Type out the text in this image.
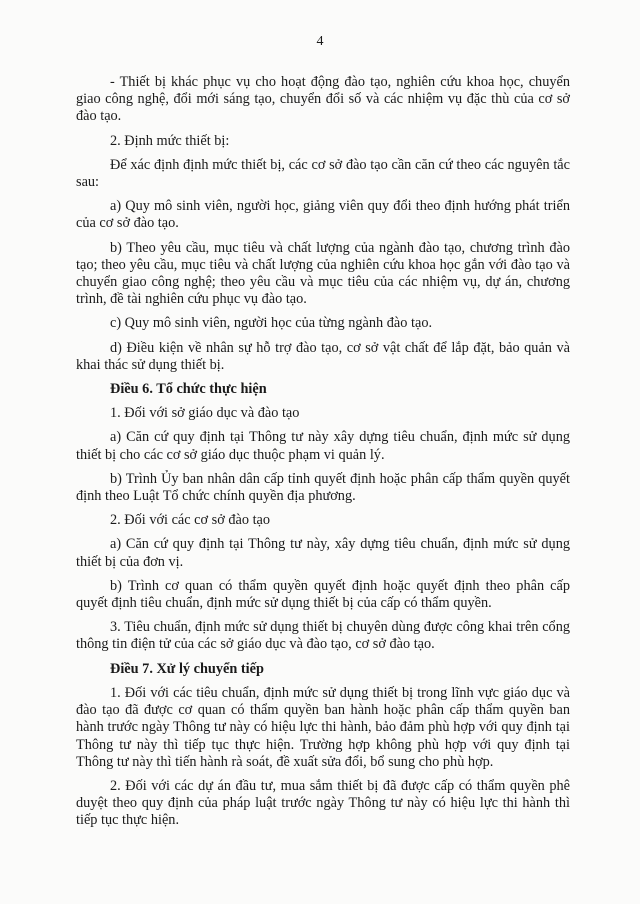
4

- Thiết bị khác phục vụ cho hoạt động đào tạo, nghiên cứu khoa học, chuyển giao công nghệ, đổi mới sáng tạo, chuyển đổi số và các nhiệm vụ đặc thù của cơ sở đào tạo.

2. Định mức thiết bị:

Để xác định định mức thiết bị, các cơ sở đào tạo cần căn cứ theo các nguyên tắc sau:

a) Quy mô sinh viên, người học, giảng viên quy đổi theo định hướng phát triển của cơ sở đào tạo.

b) Theo yêu cầu, mục tiêu và chất lượng của ngành đào tạo, chương trình đào tạo; theo yêu cầu, mục tiêu và chất lượng của nghiên cứu khoa học gắn với đào tạo và chuyển giao công nghệ; theo yêu cầu và mục tiêu của các nhiệm vụ, dự án, chương trình, đề tài nghiên cứu phục vụ đào tạo.

c) Quy mô sinh viên, người học của từng ngành đào tạo.

d) Điều kiện về nhân sự hỗ trợ đào tạo, cơ sở vật chất để lắp đặt, bảo quản và khai thác sử dụng thiết bị.

Điều 6. Tổ chức thực hiện

1. Đối với sở giáo dục và đào tạo

a) Căn cứ quy định tại Thông tư này xây dựng tiêu chuẩn, định mức sử dụng thiết bị cho các cơ sở giáo dục thuộc phạm vi quản lý.

b) Trình Ủy ban nhân dân cấp tỉnh quyết định hoặc phân cấp thẩm quyền quyết định theo Luật Tổ chức chính quyền địa phương.

2. Đối với các cơ sở đào tạo

a) Căn cứ quy định tại Thông tư này, xây dựng tiêu chuẩn, định mức sử dụng thiết bị của đơn vị.

b) Trình cơ quan có thẩm quyền quyết định hoặc quyết định theo phân cấp quyết định tiêu chuẩn, định mức sử dụng thiết bị của cấp có thẩm quyền.

3. Tiêu chuẩn, định mức sử dụng thiết bị chuyên dùng được công khai trên cổng thông tin điện tử của các sở giáo dục và đào tạo, cơ sở đào tạo.

Điều 7. Xử lý chuyển tiếp

1. Đối với các tiêu chuẩn, định mức sử dụng thiết bị trong lĩnh vực giáo dục và đào tạo đã được cơ quan có thẩm quyền ban hành hoặc phân cấp thẩm quyền ban hành trước ngày Thông tư này có hiệu lực thi hành, bảo đảm phù hợp với quy định tại Thông tư này thì tiếp tục thực hiện. Trường hợp không phù hợp với quy định tại Thông tư này thì tiến hành rà soát, đề xuất sửa đổi, bổ sung cho phù hợp.

2. Đối với các dự án đầu tư, mua sắm thiết bị đã được cấp có thẩm quyền phê duyệt theo quy định của pháp luật trước ngày Thông tư này có hiệu lực thi hành thì tiếp tục thực hiện.
